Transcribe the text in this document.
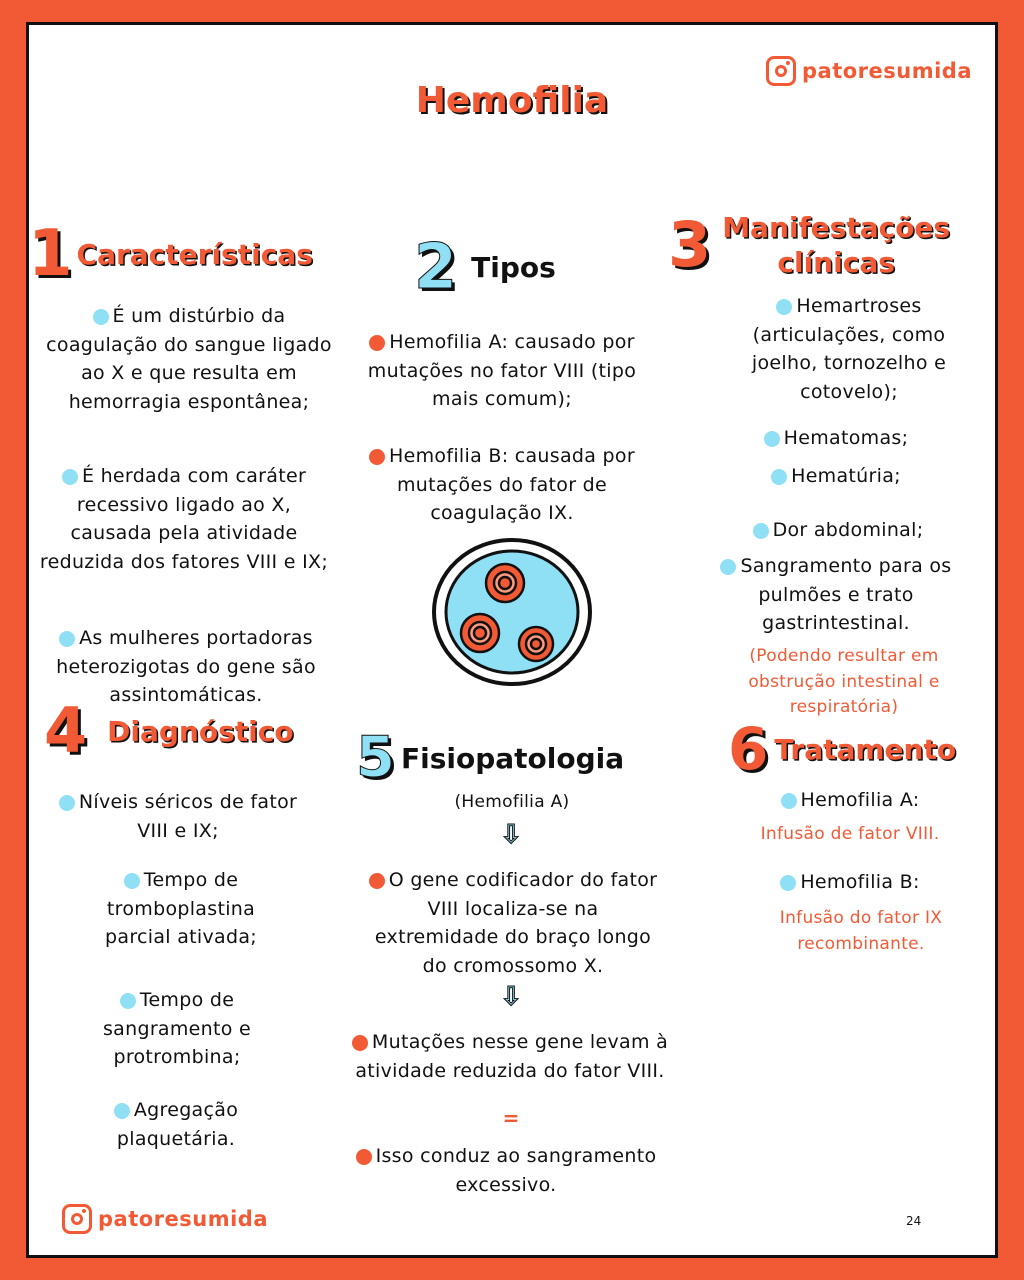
Hemofilia
patoresumida
1 Características
É um distúrbio da coagulação do sangue ligado ao X e que resulta em hemorragia espontânea;
É herdada com caráter recessivo ligado ao X, causada pela atividade reduzida dos fatores VIII e IX;
As mulheres portadoras heterozigotas do gene são assintomáticas.
2 Tipos
Hemofilia A: causado por mutações no fator VIII (tipo mais comum);
Hemofilia B: causada por mutações do fator de coagulação IX.
3 Manifestações clínicas
Hemartroses (articulações, como joelho, tornozelho e cotovelo);
Hematomas;
Hematúria;
Dor abdominal;
Sangramento para os pulmões e trato gastrintestinal.
(Podendo resultar em obstrução intestinal e respiratória)
4 Diagnóstico
Níveis séricos de fator VIII e IX;
Tempo de tromboplastina parcial ativada;
Tempo de sangramento e protrombina;
Agregação plaquetária.
5 Fisiopatologia
(Hemofilia A)
⇩
O gene codificador do fator VIII localiza-se na extremidade do braço longo do cromossomo X.
⇩
Mutações nesse gene levam à atividade reduzida do fator VIII.
=
Isso conduz ao sangramento excessivo.
6 Tratamento
Hemofilia A:
Infusão de fator VIII.
Hemofilia B:
Infusão do fator IX recombinante.
patoresumida	24
